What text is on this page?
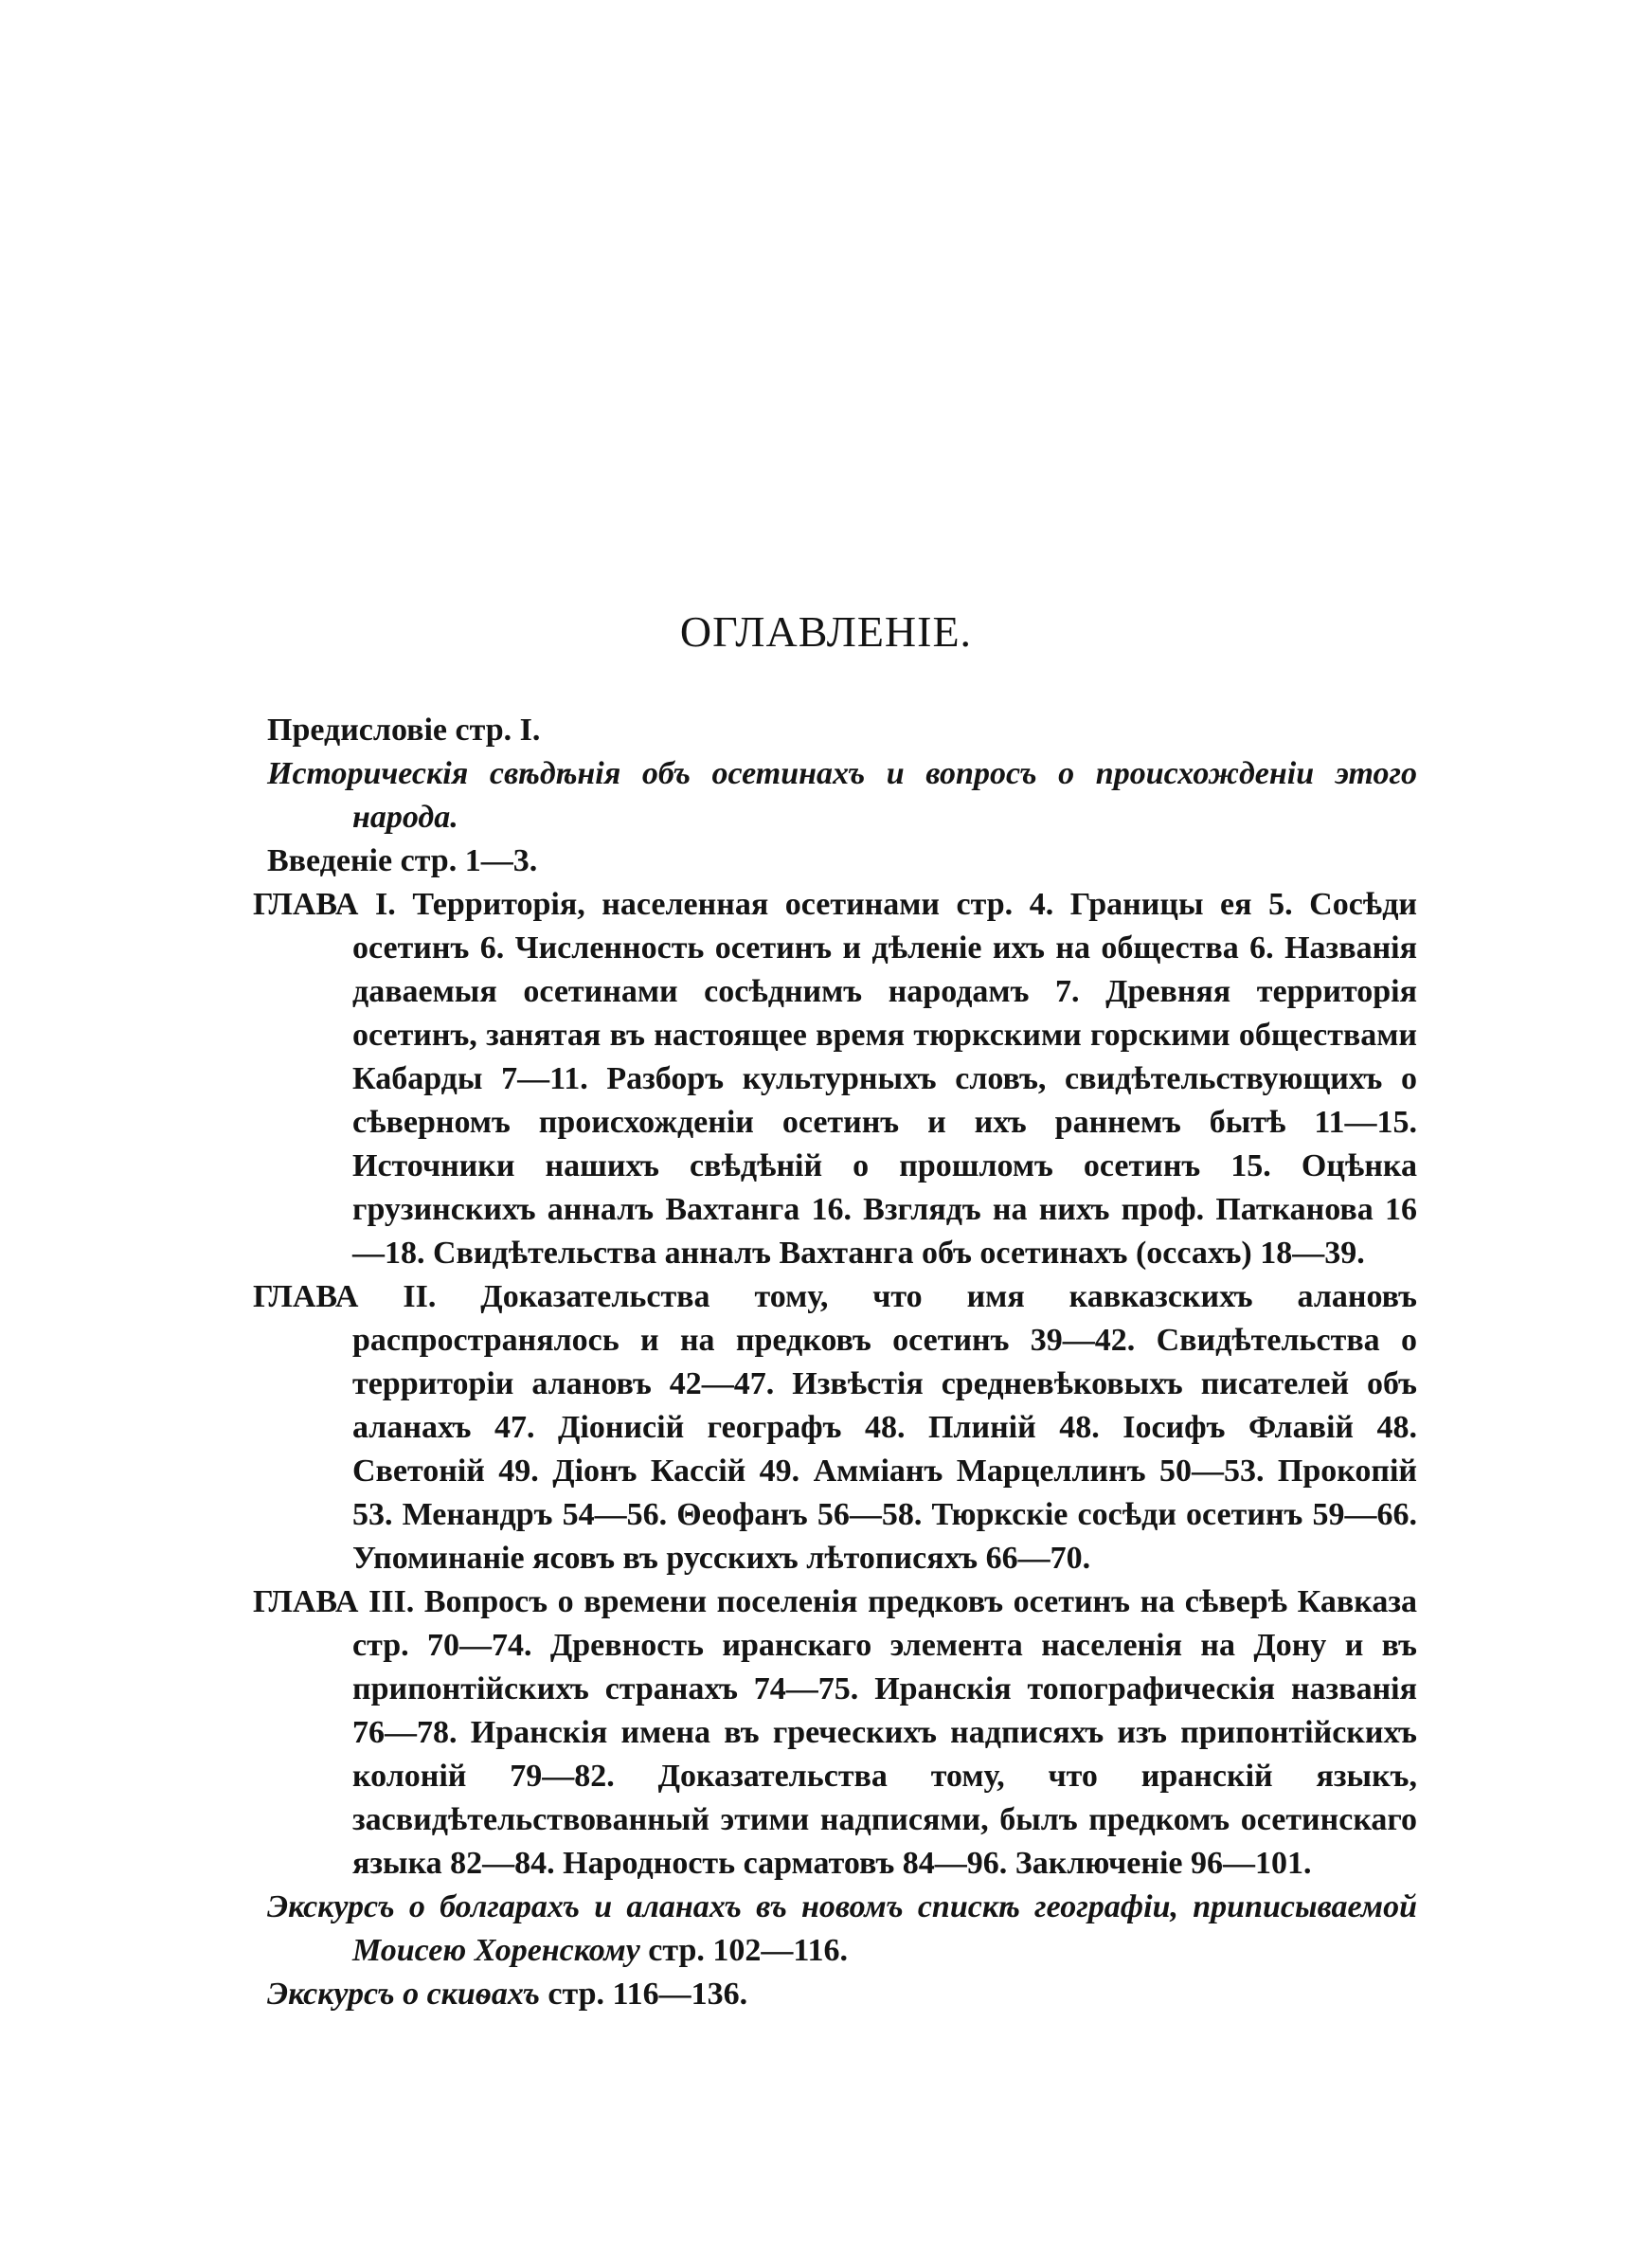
ОГЛАВЛЕНІЕ.

Предисловіе стр. I.

Историческія свѣдѣнія объ осетинахъ и вопросъ о происхожденіи этого народа.

Введеніе стр. 1—3.

ГЛАВА I. Территорія, населенная осетинами стр. 4. Границы ея 5. Сосѣди осетинъ 6. Численность осетинъ и дѣленіе ихъ на общества 6. Названія даваемыя осетинами сосѣднимъ народамъ 7. Древняя территорія осетинъ, занятая въ настоящее время тюркскими горскими обществами Кабарды 7—11. Разборъ культурныхъ словъ, свидѣтельствующихъ о сѣверномъ происхожденіи осетинъ и ихъ раннемъ бытѣ 11—15. Источники нашихъ свѣдѣній о прошломъ осетинъ 15. Оцѣнка грузинскихъ анналъ Вахтанга 16. Взглядъ на нихъ проф. Патканова 16—18. Свидѣтельства анналъ Вахтанга объ осетинахъ (оссахъ) 18—39.

ГЛАВА II. Доказательства тому, что имя кавказскихъ алановъ распространялось и на предковъ осетинъ 39—42. Свидѣтельства о территоріи алановъ 42—47. Извѣстія средневѣковыхъ писателей объ аланахъ 47. Діонисій географъ 48. Плиній 48. Іосифъ Флавій 48. Светоній 49. Діонъ Кассій 49. Амміанъ Марцеллинъ 50—53. Прокопій 53. Менандръ 54—56. Θеофанъ 56—58. Тюркскіе сосѣди осетинъ 59—66. Упоминаніе ясовъ въ русскихъ лѣтописяхъ 66—70.

ГЛАВА III. Вопросъ о времени поселенія предковъ осетинъ на сѣверѣ Кавказа стр. 70—74. Древность иранскаго элемента населенія на Дону и въ припонтійскихъ странахъ 74—75. Иранскія топографическія названія 76—78. Иранскія имена въ греческихъ надписяхъ изъ припонтійскихъ колоній 79—82. Доказательства тому, что иранскій языкъ, засвидѣтельствованный этими надписями, былъ предкомъ осетинскаго языка 82—84. Народность сарматовъ 84—96. Заключеніе 96—101.

Экскурсъ о болгарахъ и аланахъ въ новомъ спискѣ географіи, приписываемой Моисею Хоренскому стр. 102—116.

Экскурсъ о скиѳахъ стр. 116—136.
